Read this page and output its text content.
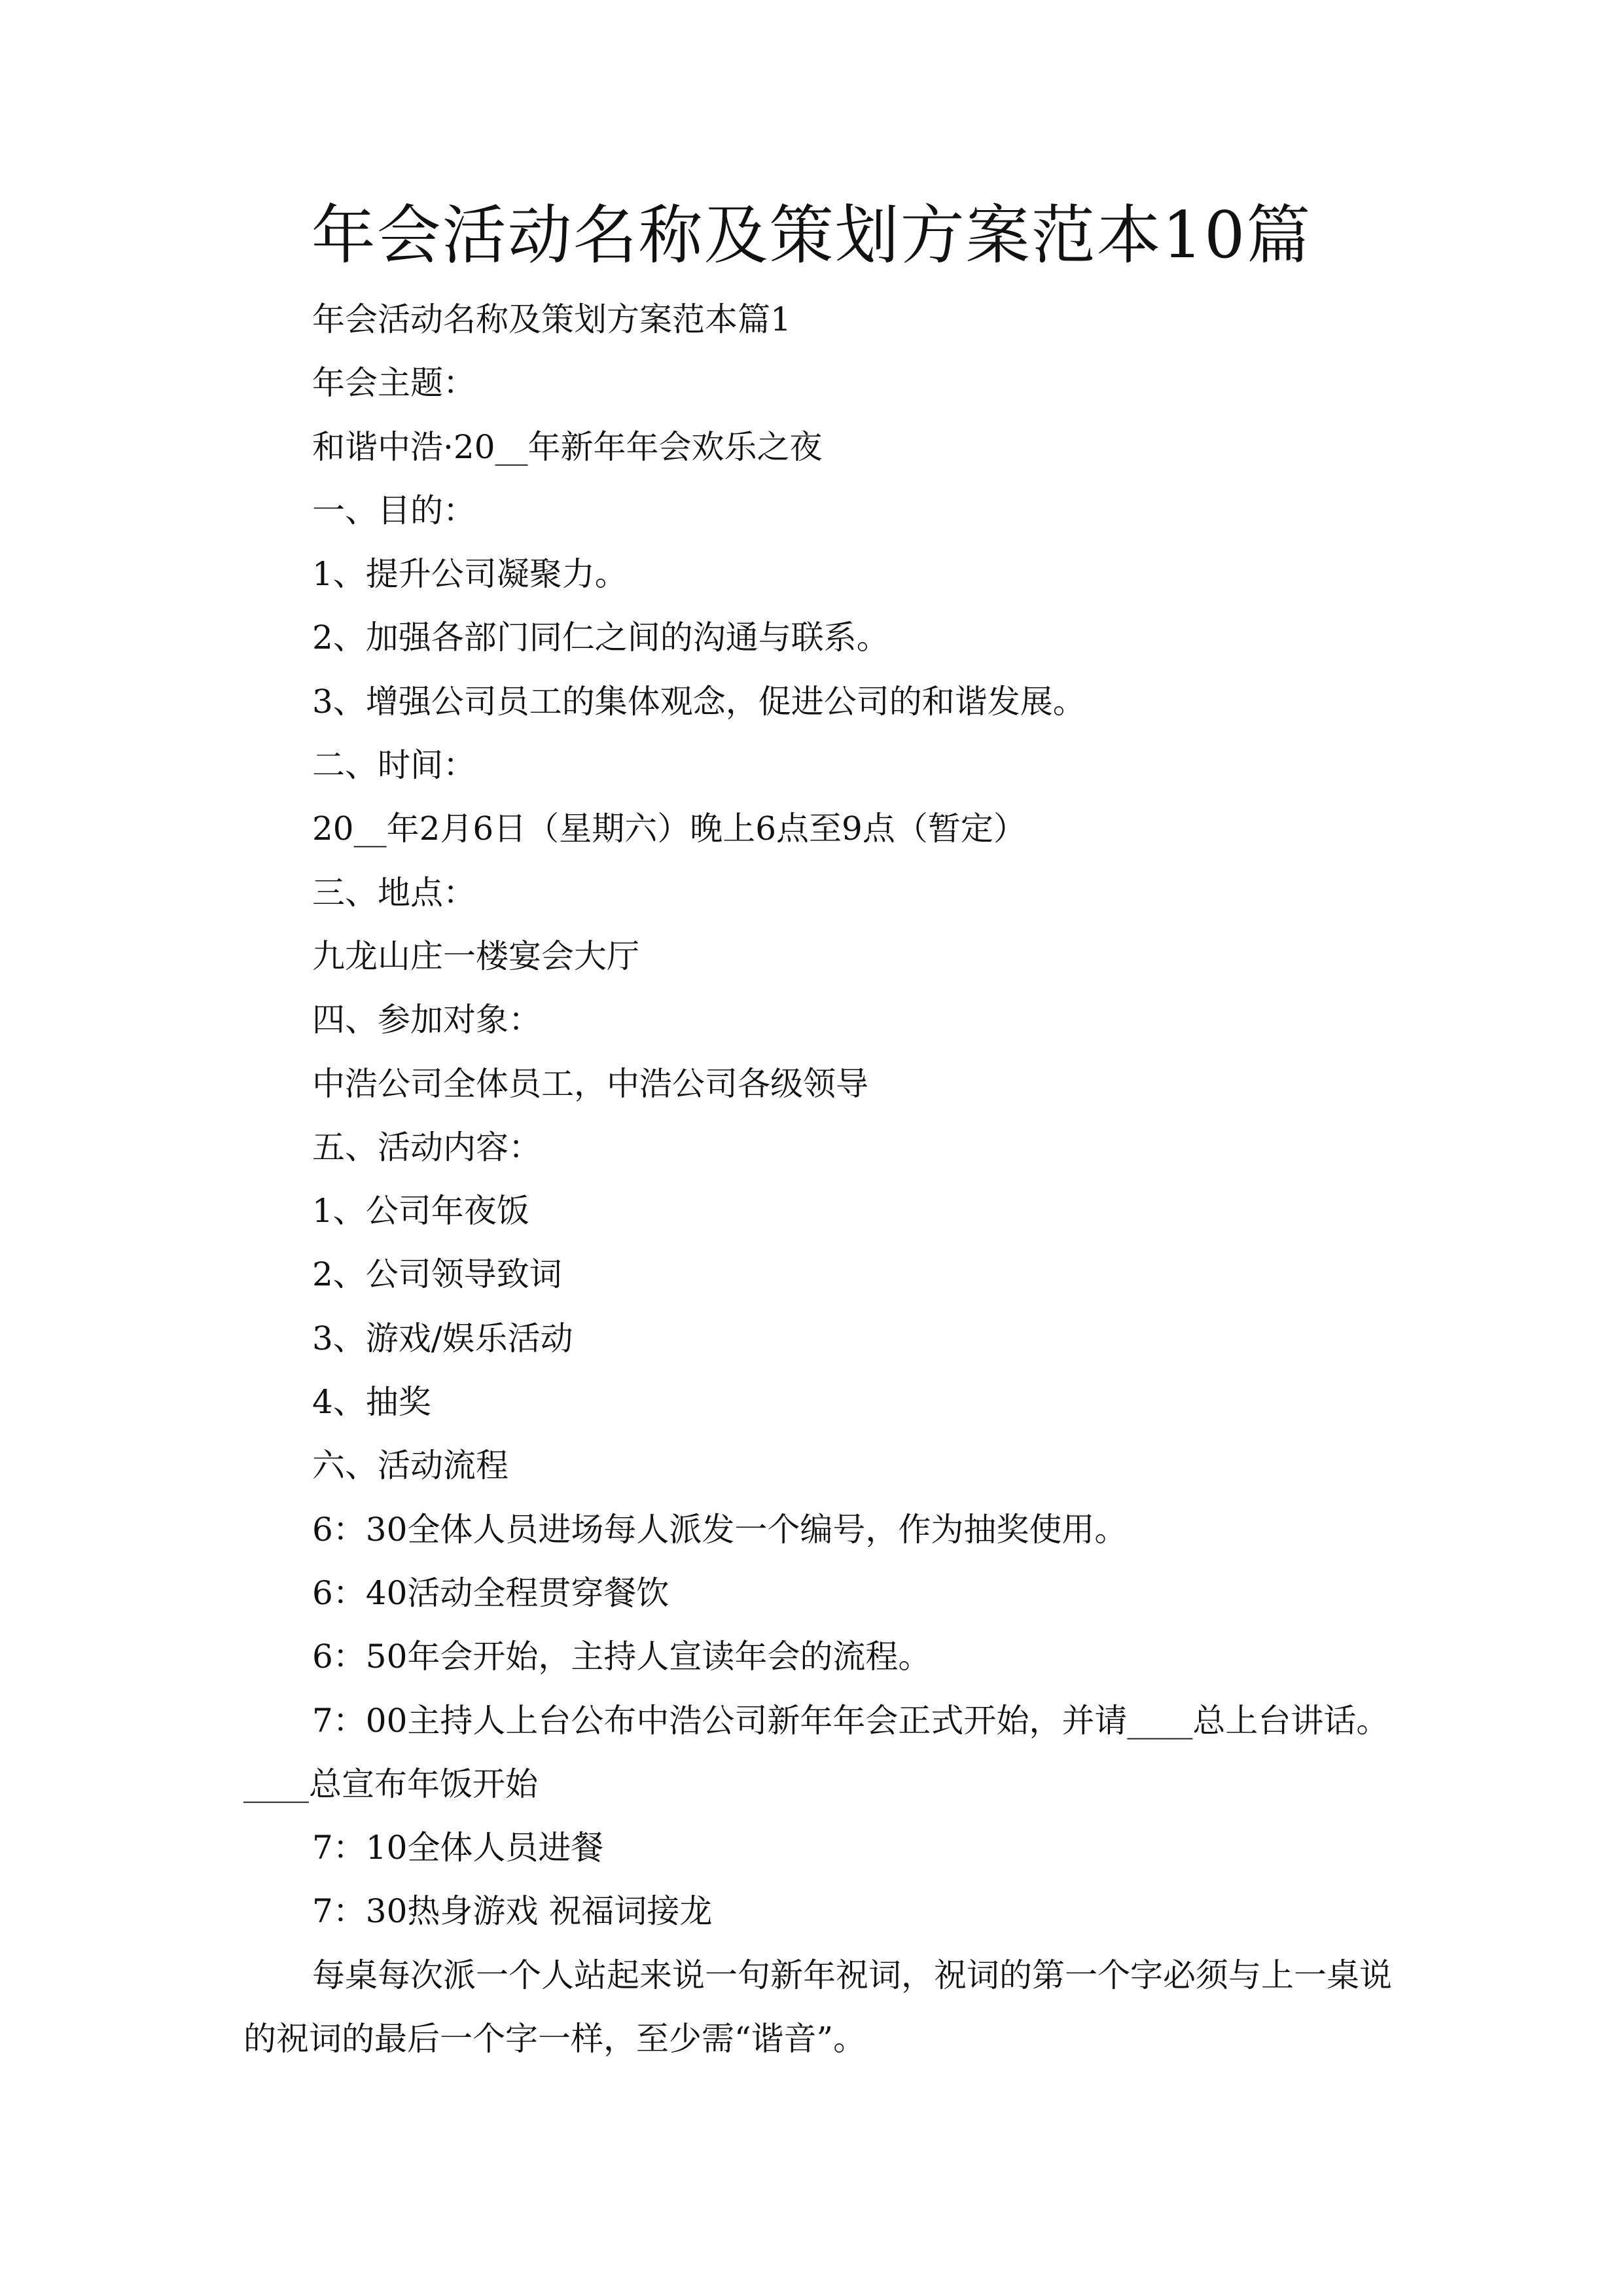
年会活动名称及策划方案范本10篇

年会活动名称及策划方案范本篇1

年会主题：

和谐中浩·20__年新年年会欢乐之夜

一、目的：

1、提升公司凝聚力。

2、加强各部门同仁之间的沟通与联系。

3、增强公司员工的集体观念，促进公司的和谐发展。

二、时间：

20__年2月6日（星期六）晚上6点至9点（暂定）

三、地点：

九龙山庄一楼宴会大厅

四、参加对象：

中浩公司全体员工，中浩公司各级领导

五、活动内容：

1、公司年夜饭

2、公司领导致词

3、游戏/娱乐活动

4、抽奖

六、活动流程

6：30全体人员进场每人派发一个编号，作为抽奖使用。

6：40活动全程贯穿餐饮

6：50年会开始，主持人宣读年会的流程。

7：00主持人上台公布中浩公司新年年会正式开始，并请____总上台讲话。____总宣布年饭开始

7：10全体人员进餐

7：30热身游戏 祝福词接龙

每桌每次派一个人站起来说一句新年祝词，祝词的第一个字必须与上一桌说的祝词的最后一个字一样，至少需“谐音”。
